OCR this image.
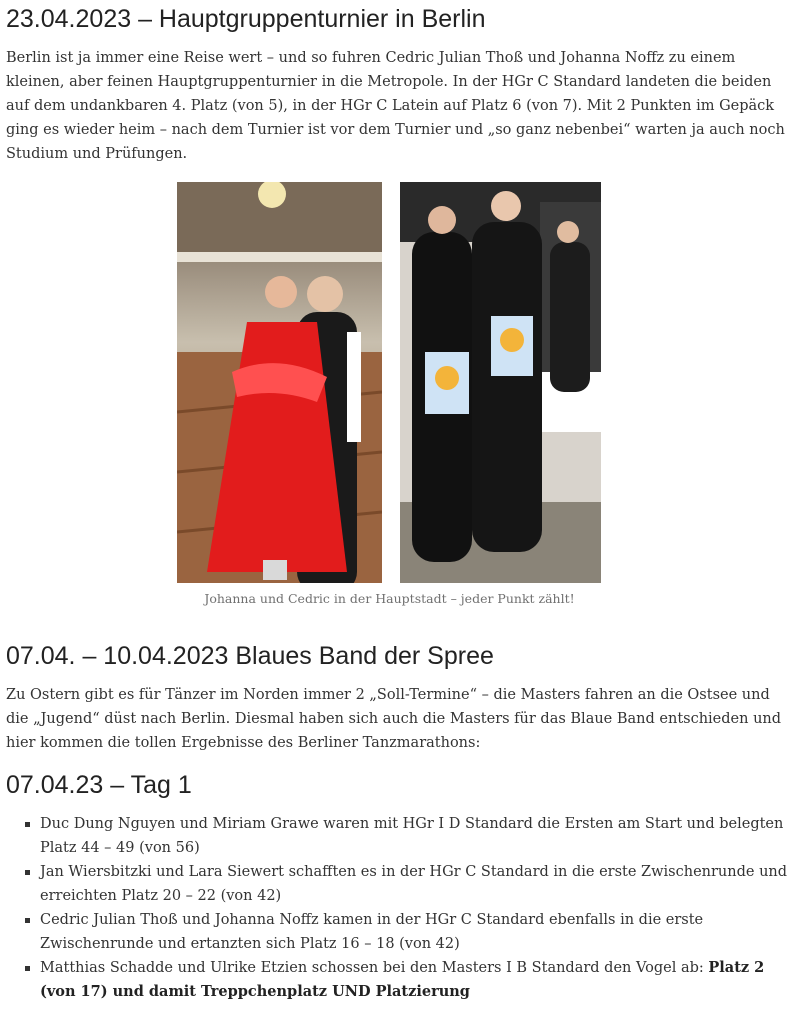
23.04.2023 – Hauptgruppenturnier in Berlin

Berlin ist ja immer eine Reise wert – und so fuhren Cedric Julian Thoß und Johanna Noffz zu einem kleinen, aber feinen Hauptgruppenturnier in die Metropole. In der HGr C Standard landeten die beiden auf dem undankbaren 4. Platz (von 5), in der HGr C Latein auf Platz 6 (von 7). Mit 2 Punkten im Gepäck ging es wieder heim – nach dem Turnier ist vor dem Turnier und „so ganz nebenbei“ warten ja auch noch Studium und Prüfungen.

Johanna und Cedric in der Hauptstadt – jeder Punkt zählt!
07.04. – 10.04.2023 Blaues Band der Spree

Zu Ostern gibt es für Tänzer im Norden immer 2 „Soll-Termine“ – die Masters fahren an die Ostsee und die „Jugend“ düst nach Berlin. Diesmal haben sich auch die Masters für das Blaue Band entschieden und hier kommen die tollen Ergebnisse des Berliner Tanzmarathons:

07.04.23 – Tag 1
Duc Dung Nguyen und Miriam Grawe waren mit HGr I D Standard die Ersten am Start und belegten Platz 44 – 49 (von 56)
Jan Wiersbitzki und Lara Siewert schafften es in der HGr C Standard in die erste Zwischenrunde und erreichten Platz 20 – 22 (von 42)
Cedric Julian Thoß und Johanna Noffz kamen in der HGr C Standard ebenfalls in die erste Zwischenrunde und ertanzten sich Platz 16 – 18 (von 42)
Matthias Schadde und Ulrike Etzien schossen bei den Masters I B Standard den Vogel ab: Platz 2 (von 17) und damit Treppchenplatz UND Platzierung
